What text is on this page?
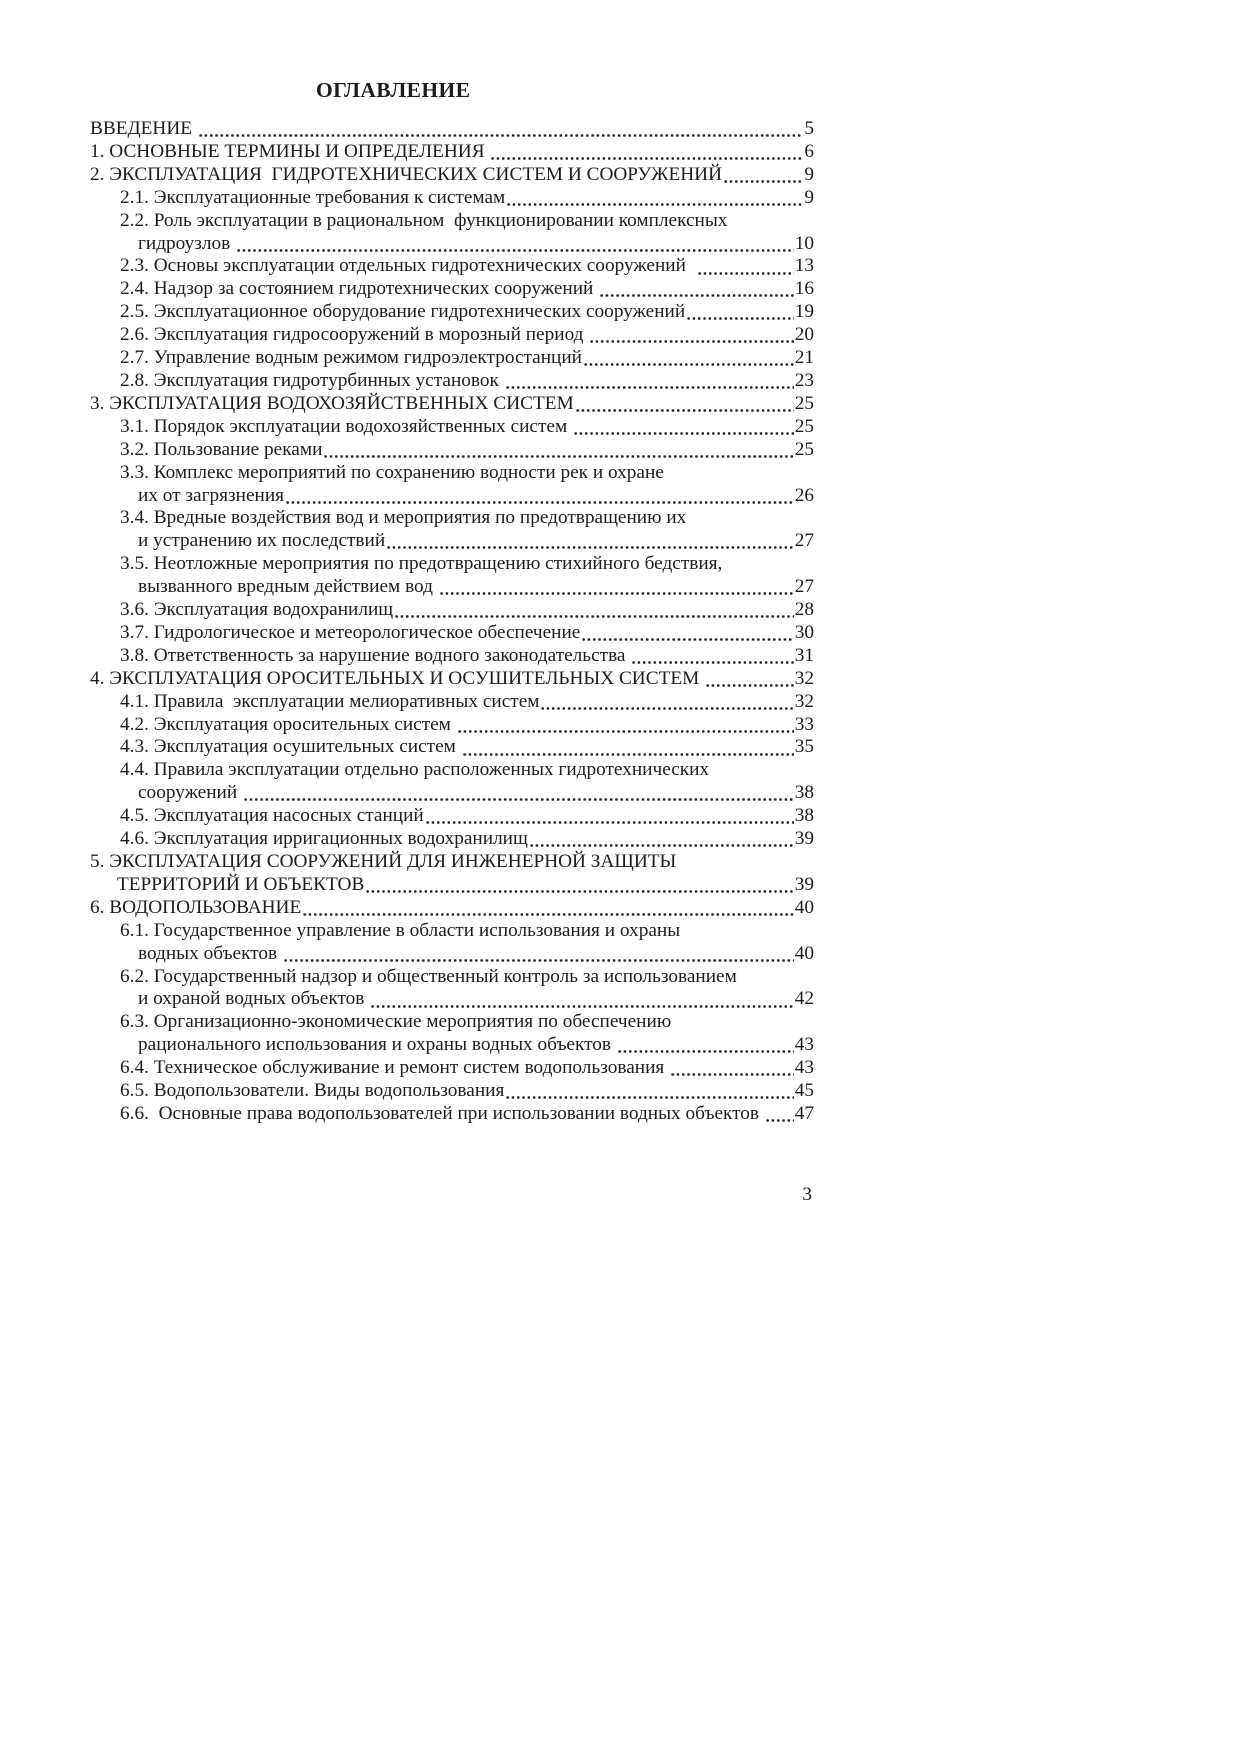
ОГЛАВЛЕНИЕ
ВВЕДЕНИЕ	5
1. ОСНОВНЫЕ ТЕРМИНЫ И ОПРЕДЕЛЕНИЯ	6
2. ЭКСПЛУАТАЦИЯ  ГИДРОТЕХНИЧЕСКИХ СИСТЕМ И СООРУЖЕНИЙ	9
2.1. Эксплуатационные требования к системам	9
2.2. Роль эксплуатации в рациональном  функционировании комплексных
гидроузлов	10
2.3. Основы эксплуатации отдельных гидротехнических сооружений	13
2.4. Надзор за состоянием гидротехнических сооружений	16
2.5. Эксплуатационное оборудование гидротехнических сооружений	19
2.6. Эксплуатация гидросооружений в морозный период	20
2.7. Управление водным режимом гидроэлектростанций	21
2.8. Эксплуатация гидротурбинных установок	23
3. ЭКСПЛУАТАЦИЯ ВОДОХОЗЯЙСТВЕННЫХ СИСТЕМ	25
3.1. Порядок эксплуатации водохозяйственных систем	25
3.2. Пользование реками	25
3.3. Комплекс мероприятий по сохранению водности рек и охране
их от загрязнения	26
3.4. Вредные воздействия вод и мероприятия по предотвращению их
и устранению их последствий	27
3.5. Неотложные мероприятия по предотвращению стихийного бедствия,
вызванного вредным действием вод	27
3.6. Эксплуатация водохранилищ	28
3.7. Гидрологическое и метеорологическое обеспечение	30
3.8. Ответственность за нарушение водного законодательства	31
4. ЭКСПЛУАТАЦИЯ ОРОСИТЕЛЬНЫХ И ОСУШИТЕЛЬНЫХ СИСТЕМ	32
4.1. Правила  эксплуатации мелиоративных систем	32
4.2. Эксплуатация оросительных систем	33
4.3. Эксплуатация осушительных систем	35
4.4. Правила эксплуатации отдельно расположенных гидротехнических
сооружений	38
4.5. Эксплуатация насосных станций	38
4.6. Эксплуатация ирригационных водохранилищ	39
5. ЭКСПЛУАТАЦИЯ СООРУЖЕНИЙ ДЛЯ ИНЖЕНЕРНОЙ ЗАЩИТЫ
ТЕРРИТОРИЙ И ОБЪЕКТОВ	39
6. ВОДОПОЛЬЗОВАНИЕ	40
6.1. Государственное управление в области использования и охраны
водных объектов	40
6.2. Государственный надзор и общественный контроль за использованием
и охраной водных объектов	42
6.3. Организационно-экономические мероприятия по обеспечению
рационального использования и охраны водных объектов	43
6.4. Техническое обслуживание и ремонт систем водопользования	43
6.5. Водопользователи. Виды водопользования	45
6.6.  Основные права водопользователей при использовании водных объектов 47
3
